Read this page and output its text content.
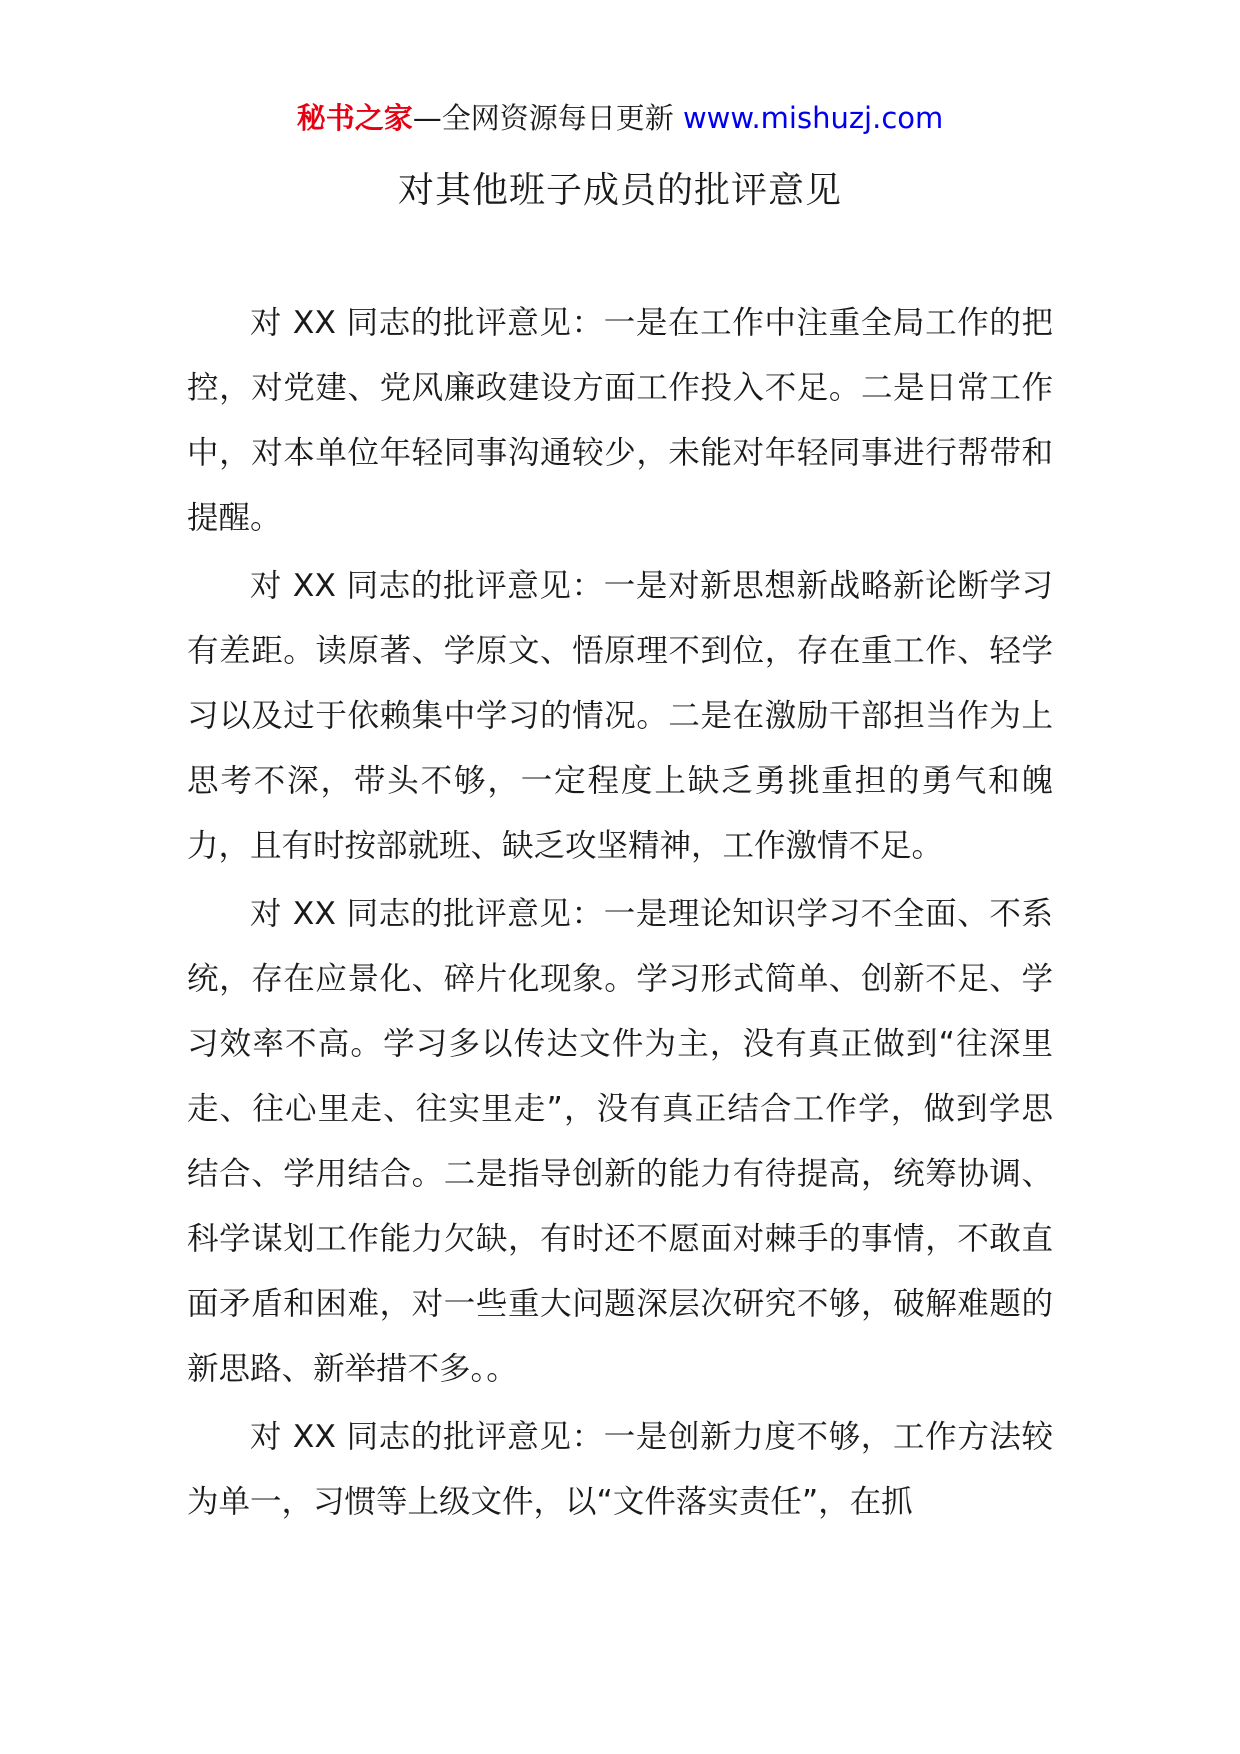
秘书之家—全网资源每日更新 www.mishuzj.com
对其他班子成员的批评意见

对 XX 同志的批评意见：一是在工作中注重全局工作的把控，对党建、党风廉政建设方面工作投入不足。二是日常工作中，对本单位年轻同事沟通较少，未能对年轻同事进行帮带和提醒。

对 XX 同志的批评意见：一是对新思想新战略新论断学习有差距。读原著、学原文、悟原理不到位，存在重工作、轻学习以及过于依赖集中学习的情况。二是在激励干部担当作为上思考不深，带头不够，一定程度上缺乏勇挑重担的勇气和魄力，且有时按部就班、缺乏攻坚精神，工作激情不足。

对 XX 同志的批评意见：一是理论知识学习不全面、不系统，存在应景化、碎片化现象。学习形式简单、创新不足、学习效率不高。学习多以传达文件为主，没有真正做到“往深里走、往心里走、往实里走”，没有真正结合工作学，做到学思结合、学用结合。二是指导创新的能力有待提高，统筹协调、科学谋划工作能力欠缺，有时还不愿面对棘手的事情，不敢直面矛盾和困难，对一些重大问题深层次研究不够，破解难题的新思路、新举措不多。。

对 XX 同志的批评意见：一是创新力度不够，工作方法较为单一，习惯等上级文件，以“文件落实责任”，在抓
